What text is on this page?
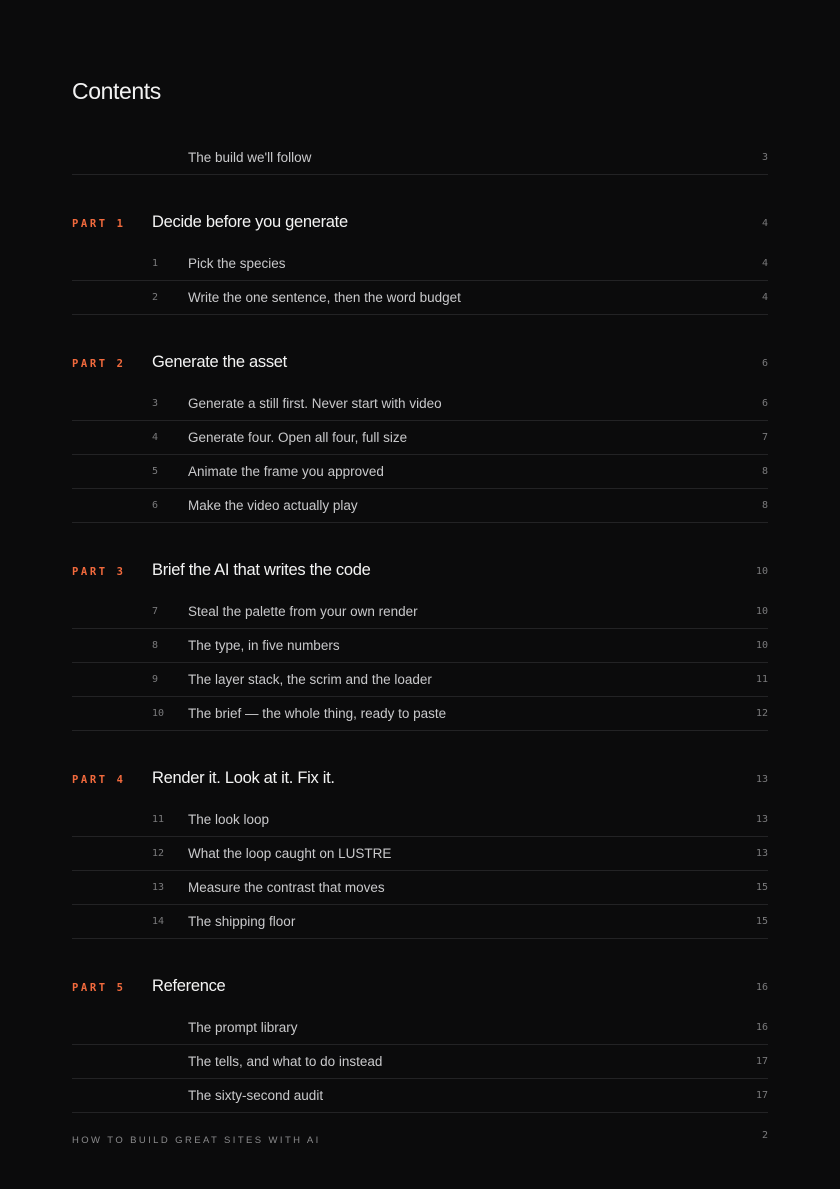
Contents
The build we'll follow	3
PART 1 Decide before you generate	4
1	Pick the species	4
2	Write the one sentence, then the word budget	4
PART 2 Generate the asset	6
3	Generate a still first. Never start with video	6
4	Generate four. Open all four, full size	7
5	Animate the frame you approved	8
6	Make the video actually play	8
PART 3 Brief the AI that writes the code	10
7	Steal the palette from your own render	10
8	The type, in five numbers	10
9	The layer stack, the scrim and the loader	11
10	The brief — the whole thing, ready to paste	12
PART 4 Render it. Look at it. Fix it.	13
11	The look loop	13
12	What the loop caught on LUSTRE	13
13	Measure the contrast that moves	15
14	The shipping floor	15
PART 5 Reference	16
The prompt library	16
The tells, and what to do instead	17
The sixty-second audit	17
HOW TO BUILD GREAT SITES WITH AI	2
